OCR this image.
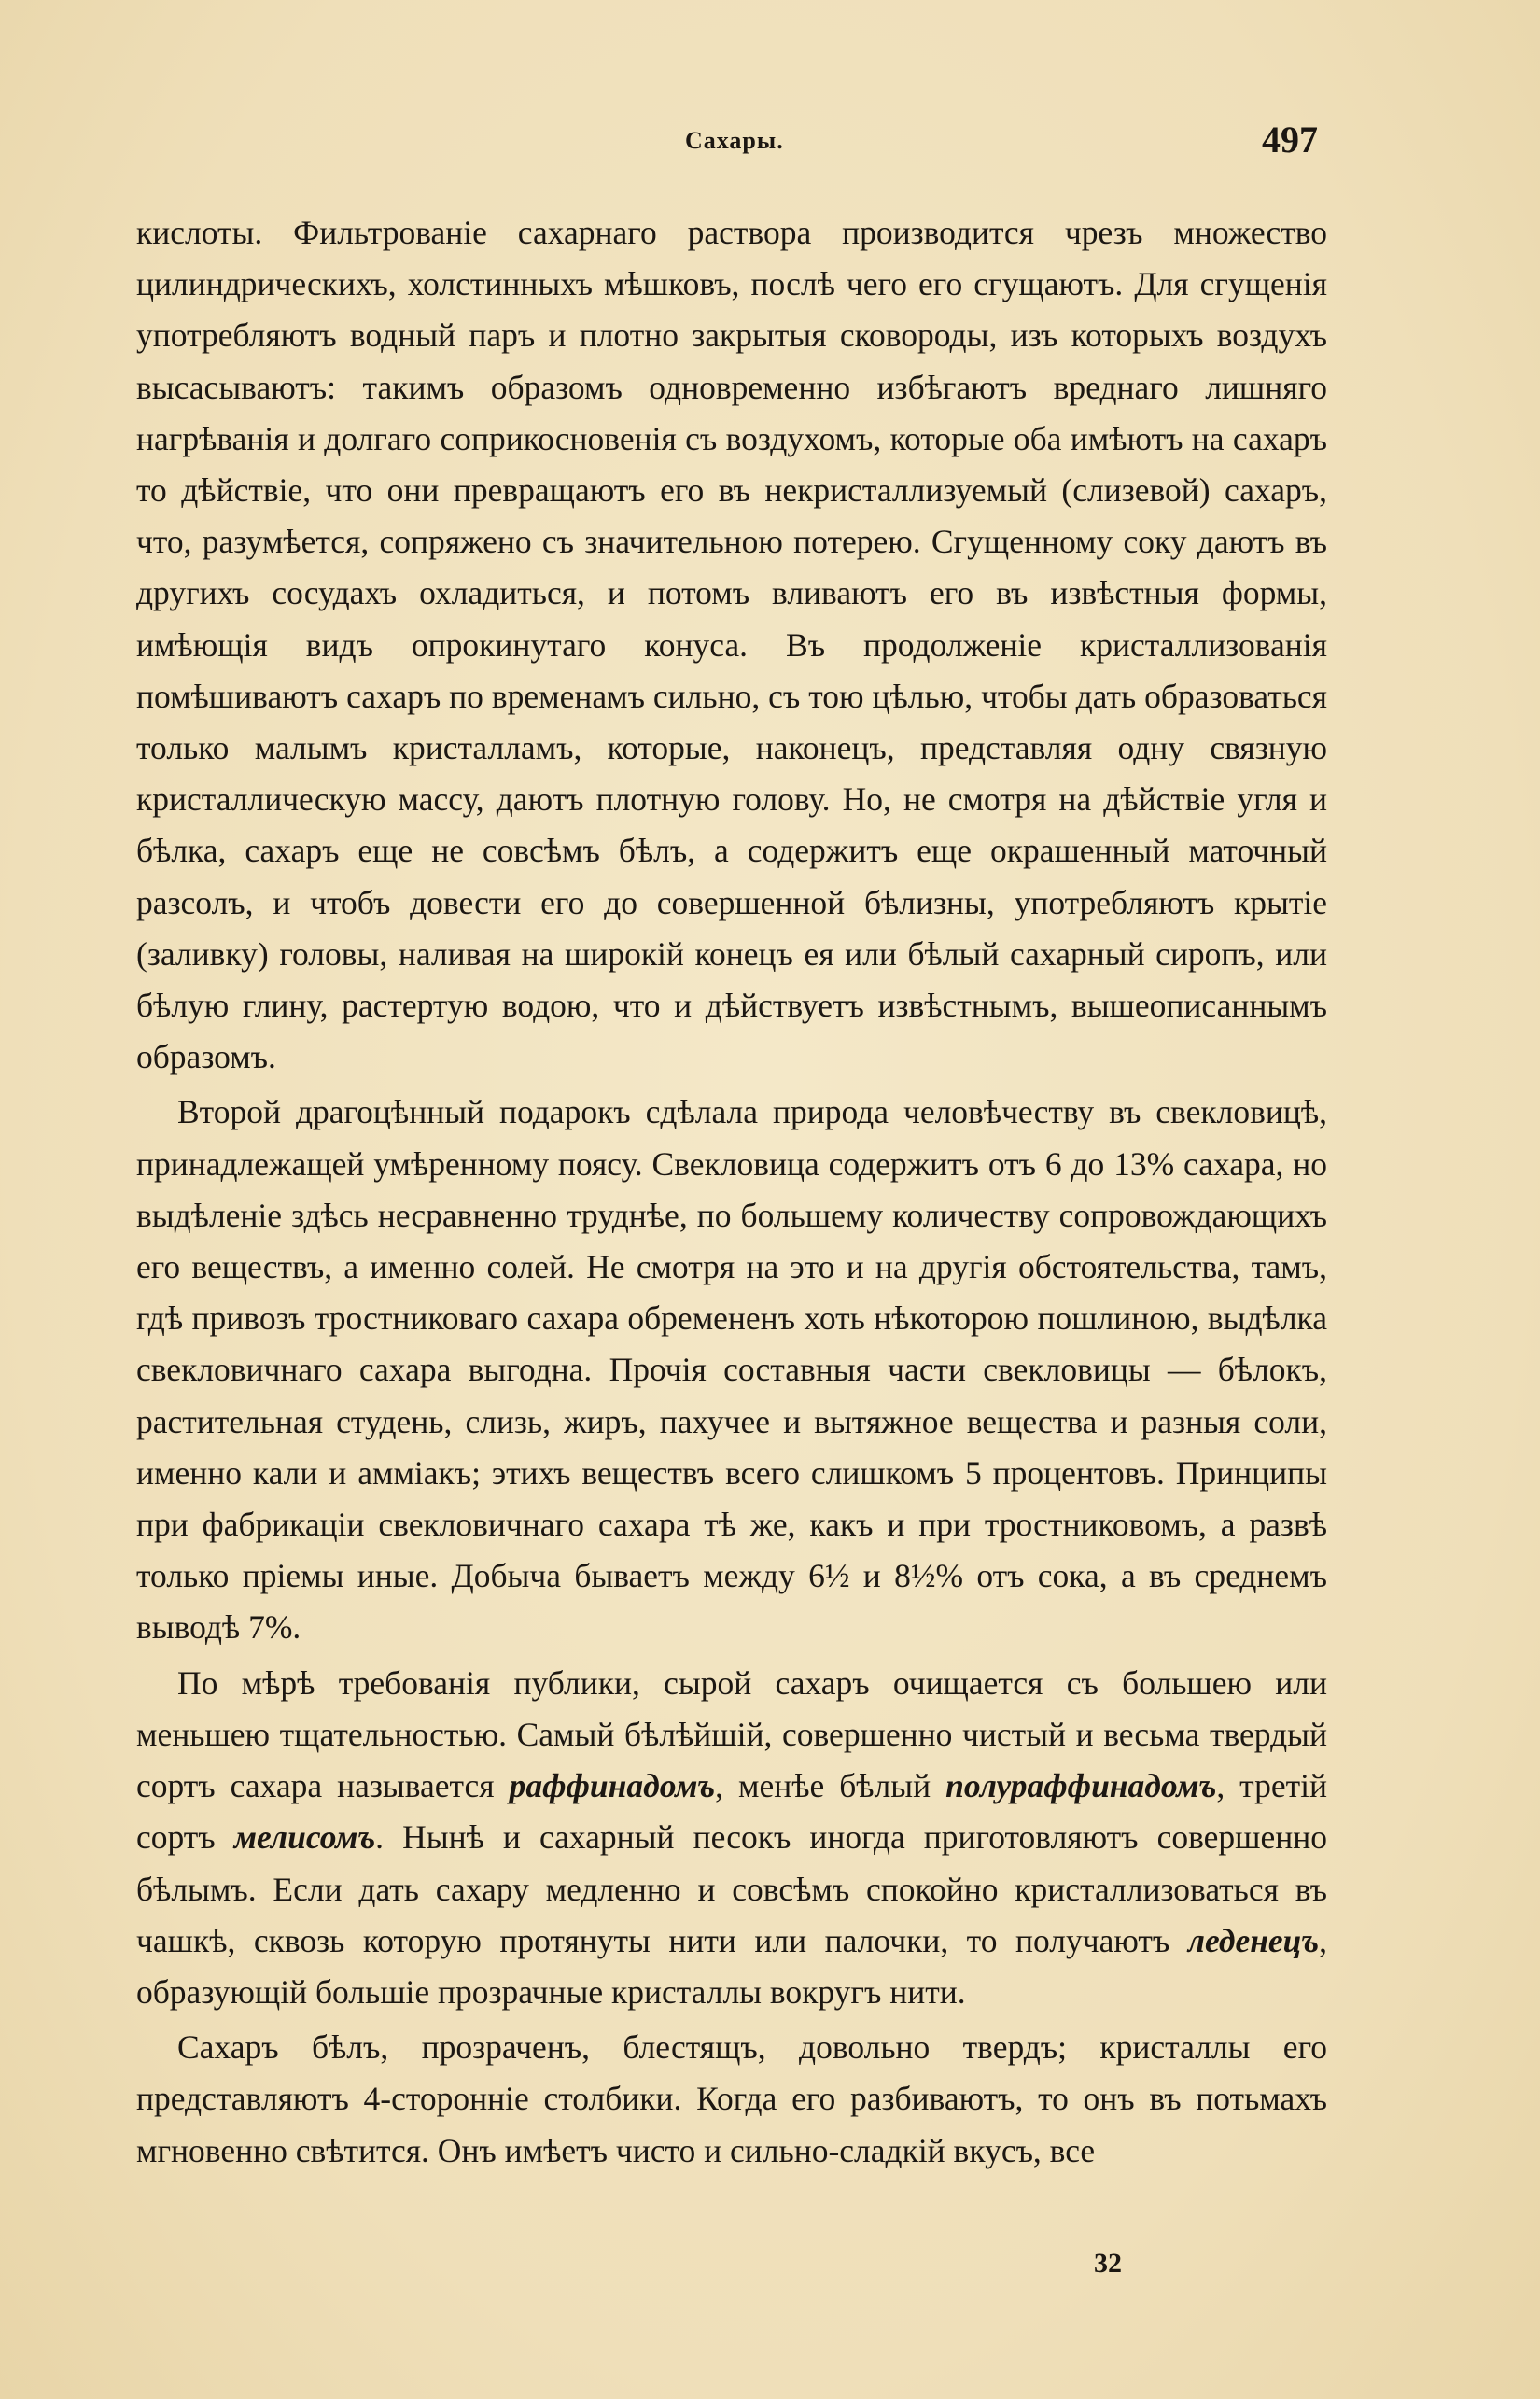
Сахары.	497

кислоты. Фильтрованіе сахарнаго раствора производится чрезъ множество цилиндрическихъ, холстинныхъ мѣшковъ, послѣ чего его сгущаютъ. Для сгущенія употребляютъ водный паръ и плотно закрытыя сковороды, изъ которыхъ воздухъ высасываютъ: такимъ образомъ одновременно избѣгаютъ вреднаго лишняго нагрѣванія и долгаго соприкосновенія съ воздухомъ, которые оба имѣютъ на сахаръ то дѣйствіе, что они превращаютъ его въ некристаллизуемый (слизевой) сахаръ, что, разумѣется, сопряжено съ значительною потерею. Сгущенному соку даютъ въ другихъ сосудахъ охладиться, и потомъ вливаютъ его въ извѣстныя формы, имѣющія видъ опрокинутаго конуса. Въ продолженіе кристаллизованія помѣшиваютъ сахаръ по временамъ сильно, съ тою цѣлью, чтобы дать образоваться только малымъ кристалламъ, которые, наконецъ, представляя одну связную кристаллическую массу, даютъ плотную голову. Но, не смотря на дѣйствіе угля и бѣлка, сахаръ еще не совсѣмъ бѣлъ, а содержитъ еще окрашенный маточный разсолъ, и чтобъ довести его до совершенной бѣлизны, употребляютъ крытіе (заливку) головы, наливая на широкій конецъ ея или бѣлый сахарный сиропъ, или бѣлую глину, растертую водою, что и дѣйствуетъ извѣстнымъ, вышеописаннымъ образомъ.

Второй драгоцѣнный подарокъ сдѣлала природа человѣчеству въ свекловицѣ, принадлежащей умѣренному поясу. Свекловица содержитъ отъ 6 до 13% сахара, но выдѣленіе здѣсь несравненно труднѣе, по большему количеству сопровождающихъ его веществъ, а именно солей. Не смотря на это и на другія обстоятельства, тамъ, гдѣ привозъ тростниковаго сахара обремененъ хоть нѣкоторою пошлиною, выдѣлка свекловичнаго сахара выгодна. Прочія составныя части свекловицы — бѣлокъ, растительная студень, слизь, жиръ, пахучее и вытяжное вещества и разныя соли, именно кали и амміакъ; этихъ веществъ всего слишкомъ 5 процентовъ. Принципы при фабрикаціи свекловичнаго сахара тѣ же, какъ и при тростниковомъ, а развѣ только пріемы иные. Добыча бываетъ между 6½ и 8½% отъ сока, а въ среднемъ выводѣ 7%.

По мѣрѣ требованія публики, сырой сахаръ очищается съ большею или меньшею тщательностью. Самый бѣлѣйшій, совершенно чистый и весьма твердый сортъ сахара называется раффинадомъ, менѣе бѣлый полураффинадомъ, третій сортъ мелисомъ. Нынѣ и сахарный песокъ иногда приготовляютъ совершенно бѣлымъ. Если дать сахару медленно и совсѣмъ спокойно кристаллизоваться въ чашкѣ, сквозь которую протянуты нити или палочки, то получаютъ леденецъ, образующій большіе прозрачные кристаллы вокругъ нити.

Сахаръ бѣлъ, прозраченъ, блестящъ, довольно твердъ; кристаллы его представляютъ 4-сторонніе столбики. Когда его разбиваютъ, то онъ въ потьмахъ мгновенно свѣтится. Онъ имѣетъ чисто и сильно-сладкій вкусъ, все

32
